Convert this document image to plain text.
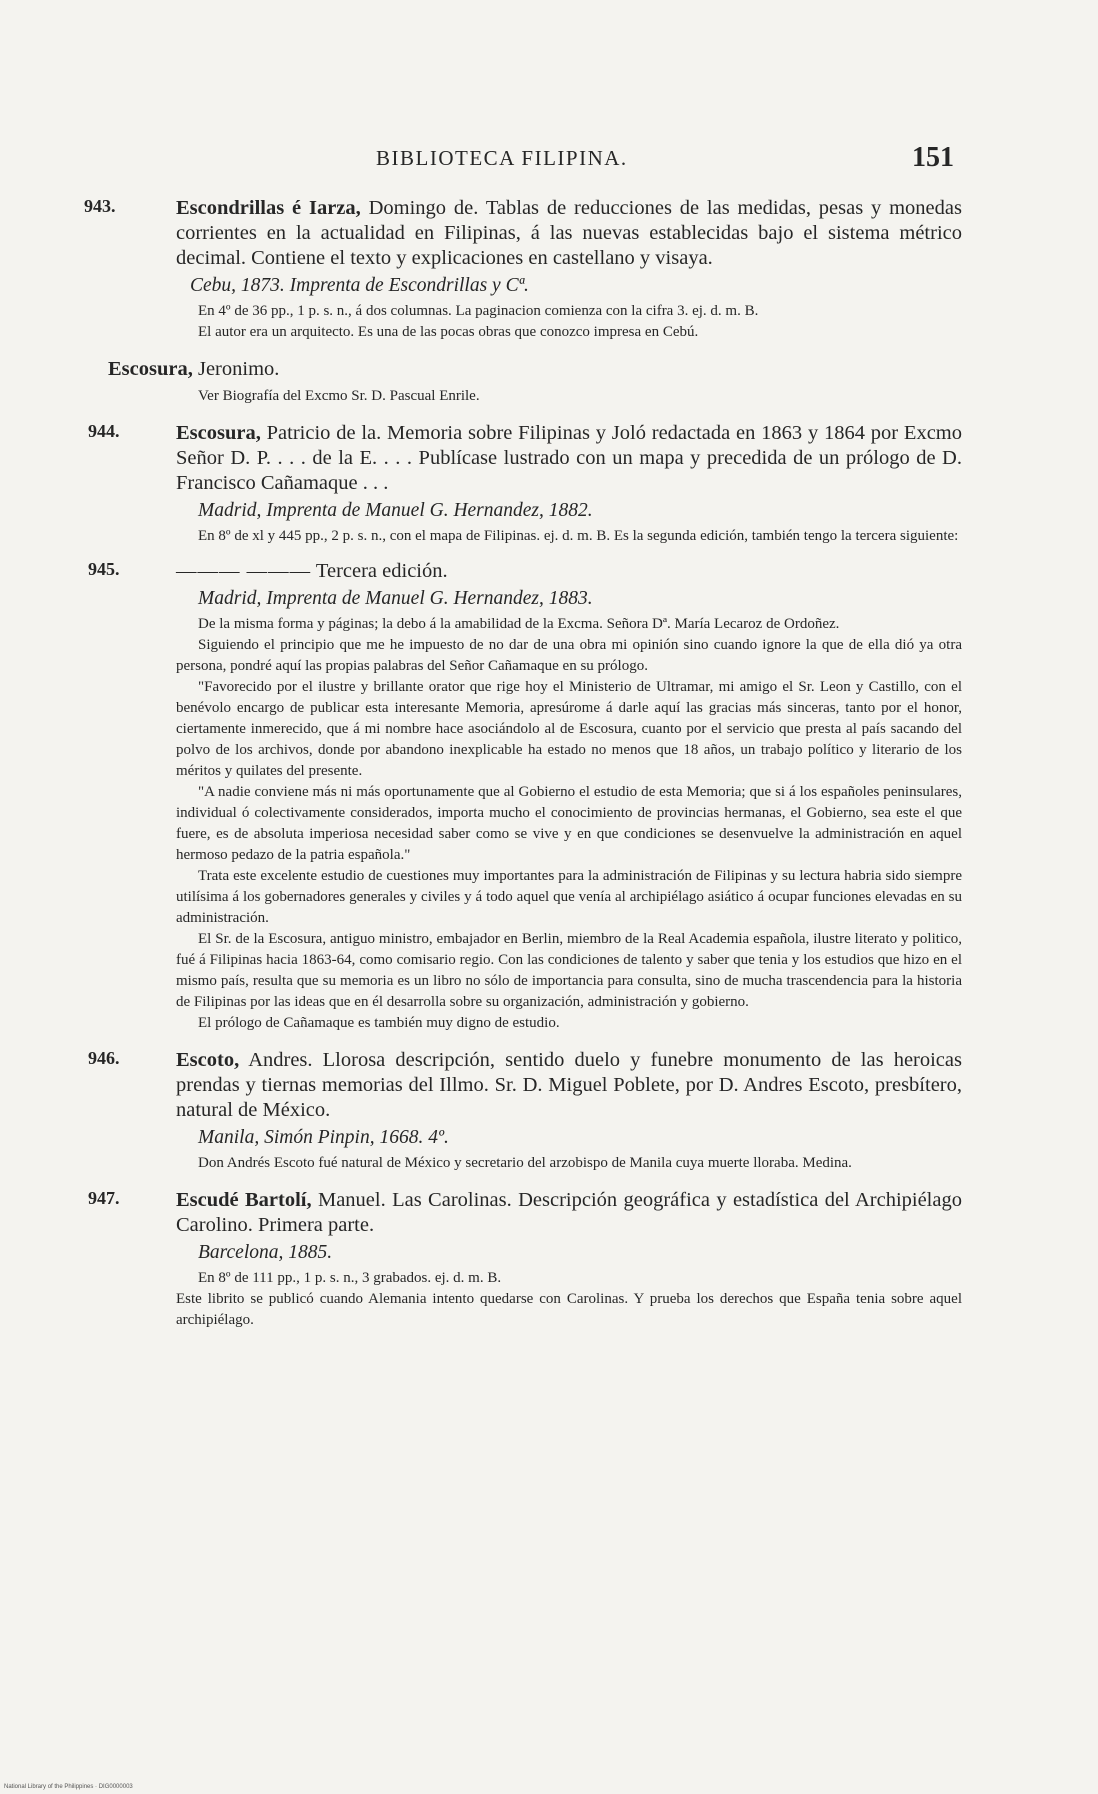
BIBLIOTECA FILIPINA.	151
943.	Escondrillas é Iarza, Domingo de. Tablas de reducciones de las medidas, pesas y monedas corrientes en la actualidad en Filipinas, á las nuevas establecidas bajo el sistema métrico decimal. Contiene el texto y explicaciones en castellano y visaya.
Cebu, 1873. Imprenta de Escondrillas y Cª.

En 4º de 36 pp., 1 p. s. n., á dos columnas. La paginacion comienza con la cifra 3. ej. d. m. B.

El autor era un arquitecto. Es una de las pocas obras que conozco impresa en Cebú.

Escosura, Jeronimo.

Ver Biografía del Excmo Sr. D. Pascual Enrile.

944.	Escosura, Patricio de la. Memoria sobre Filipinas y Joló redactada en 1863 y 1864 por Excmo Señor D. P. . . . de la E. . . . Publícase lustrado con un mapa y precedida de un prólogo de D. Francisco Cañamaque . . .
Madrid, Imprenta de Manuel G. Hernandez, 1882.

En 8º de xl y 445 pp., 2 p. s. n., con el mapa de Filipinas. ej. d. m. B. Es la segunda edición, también tengo la tercera siguiente:

945.	——— ——— Tercera edición.
Madrid, Imprenta de Manuel G. Hernandez, 1883.

De la misma forma y páginas; la debo á la amabilidad de la Excma. Señora Dª. María Lecaroz de Ordoñez.

Siguiendo el principio que me he impuesto de no dar de una obra mi opinión sino cuando ignore la que de ella dió ya otra persona, pondré aquí las propias palabras del Señor Cañamaque en su prólogo.

"Favorecido por el ilustre y brillante orator que rige hoy el Ministerio de Ultramar, mi amigo el Sr. Leon y Castillo, con el benévolo encargo de publicar esta interesante Memoria, apresúrome á darle aquí las gracias más sinceras, tanto por el honor, ciertamente inmerecido, que á mi nombre hace asociándolo al de Escosura, cuanto por el servicio que presta al país sacando del polvo de los archivos, donde por abandono inexplicable ha estado no menos que 18 años, un trabajo político y literario de los méritos y quilates del presente.

"A nadie conviene más ni más oportunamente que al Gobierno el estudio de esta Memoria; que si á los españoles peninsulares, individual ó colectivamente considerados, importa mucho el conocimiento de provincias hermanas, el Gobierno, sea este el que fuere, es de absoluta imperiosa necesidad saber como se vive y en que condiciones se desenvuelve la administración en aquel hermoso pedazo de la patria española."

Trata este excelente estudio de cuestiones muy importantes para la administración de Filipinas y su lectura habria sido siempre utilísima á los gobernadores generales y civiles y á todo aquel que venía al archipiélago asiático á ocupar funciones elevadas en su administración.

El Sr. de la Escosura, antiguo ministro, embajador en Berlin, miembro de la Real Academia española, ilustre literato y politico, fué á Filipinas hacia 1863-64, como comisario regio. Con las condiciones de talento y saber que tenia y los estudios que hizo en el mismo país, resulta que su memoria es un libro no sólo de importancia para consulta, sino de mucha trascendencia para la historia de Filipinas por las ideas que en él desarrolla sobre su organización, administración y gobierno.

El prólogo de Cañamaque es también muy digno de estudio.

946.	Escoto, Andres. Llorosa descripción, sentido duelo y funebre monumento de las heroicas prendas y tiernas memorias del Illmo. Sr. D. Miguel Poblete, por D. Andres Escoto, presbítero, natural de México.
Manila, Simón Pinpin, 1668. 4º.

Don Andrés Escoto fué natural de México y secretario del arzobispo de Manila cuya muerte lloraba. Medina.

947.	Escudé Bartolí, Manuel. Las Carolinas. Descripción geográfica y estadística del Archipiélago Carolino. Primera parte.
Barcelona, 1885.

En 8º de 111 pp., 1 p. s. n., 3 grabados. ej. d. m. B.

Este librito se publicó cuando Alemania intento quedarse con Carolinas. Y prueba los derechos que España tenia sobre aquel archipiélago.

National Library of the Philippines · DIG0000003
